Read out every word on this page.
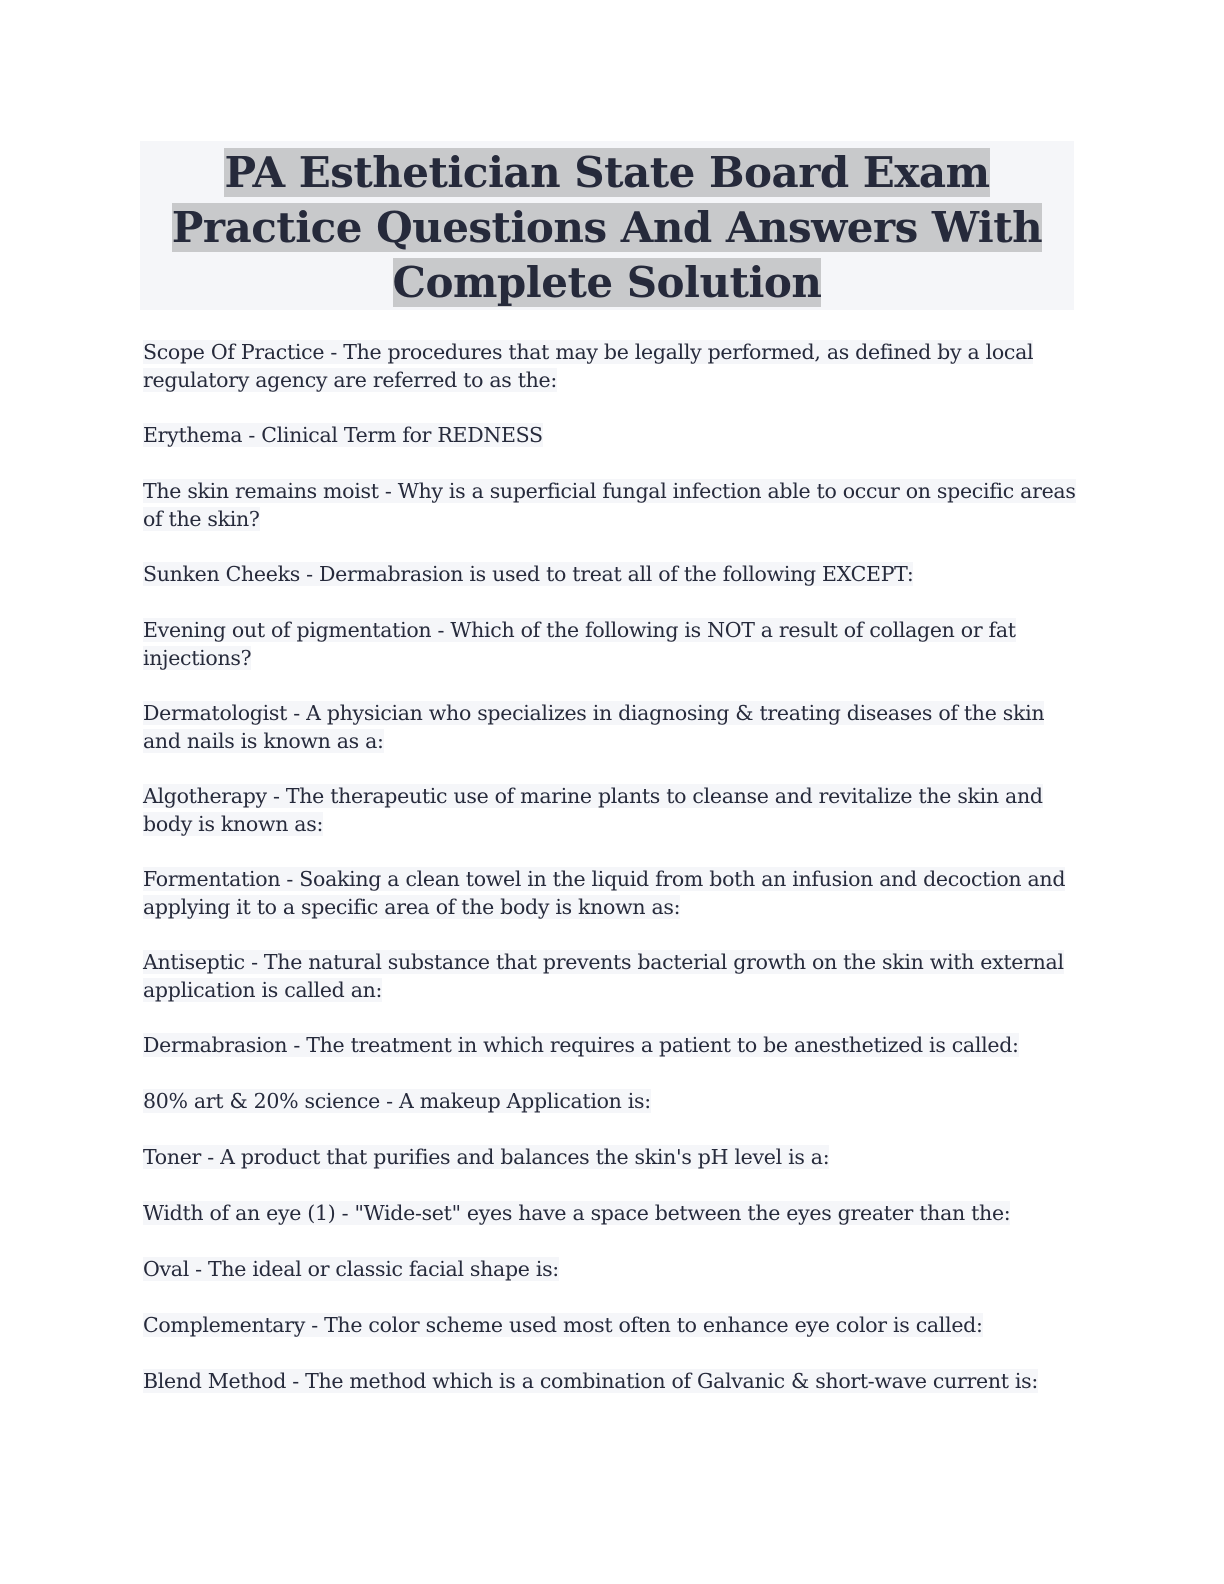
PA Esthetician State Board Exam Practice Questions And Answers With Complete Solution
Scope Of Practice - The procedures that may be legally performed, as defined by a local regulatory agency are referred to as the:
Erythema - Clinical Term for REDNESS
The skin remains moist - Why is a superficial fungal infection able to occur on specific areas of the skin?
Sunken Cheeks - Dermabrasion is used to treat all of the following EXCEPT:
Evening out of pigmentation - Which of the following is NOT a result of collagen or fat injections?
Dermatologist - A physician who specializes in diagnosing & treating diseases of the skin and nails is known as a:
Algotherapy - The therapeutic use of marine plants to cleanse and revitalize the skin and body is known as:
Formentation - Soaking a clean towel in the liquid from both an infusion and decoction and applying it to a specific area of the body is known as:
Antiseptic - The natural substance that prevents bacterial growth on the skin with external application is called an:
Dermabrasion - The treatment in which requires a patient to be anesthetized is called:
80% art & 20% science - A makeup Application is:
Toner - A product that purifies and balances the skin's pH level is a:
Width of an eye (1) - "Wide-set" eyes have a space between the eyes greater than the:
Oval - The ideal or classic facial shape is:
Complementary - The color scheme used most often to enhance eye color is called:
Blend Method - The method which is a combination of Galvanic & short-wave current is:
